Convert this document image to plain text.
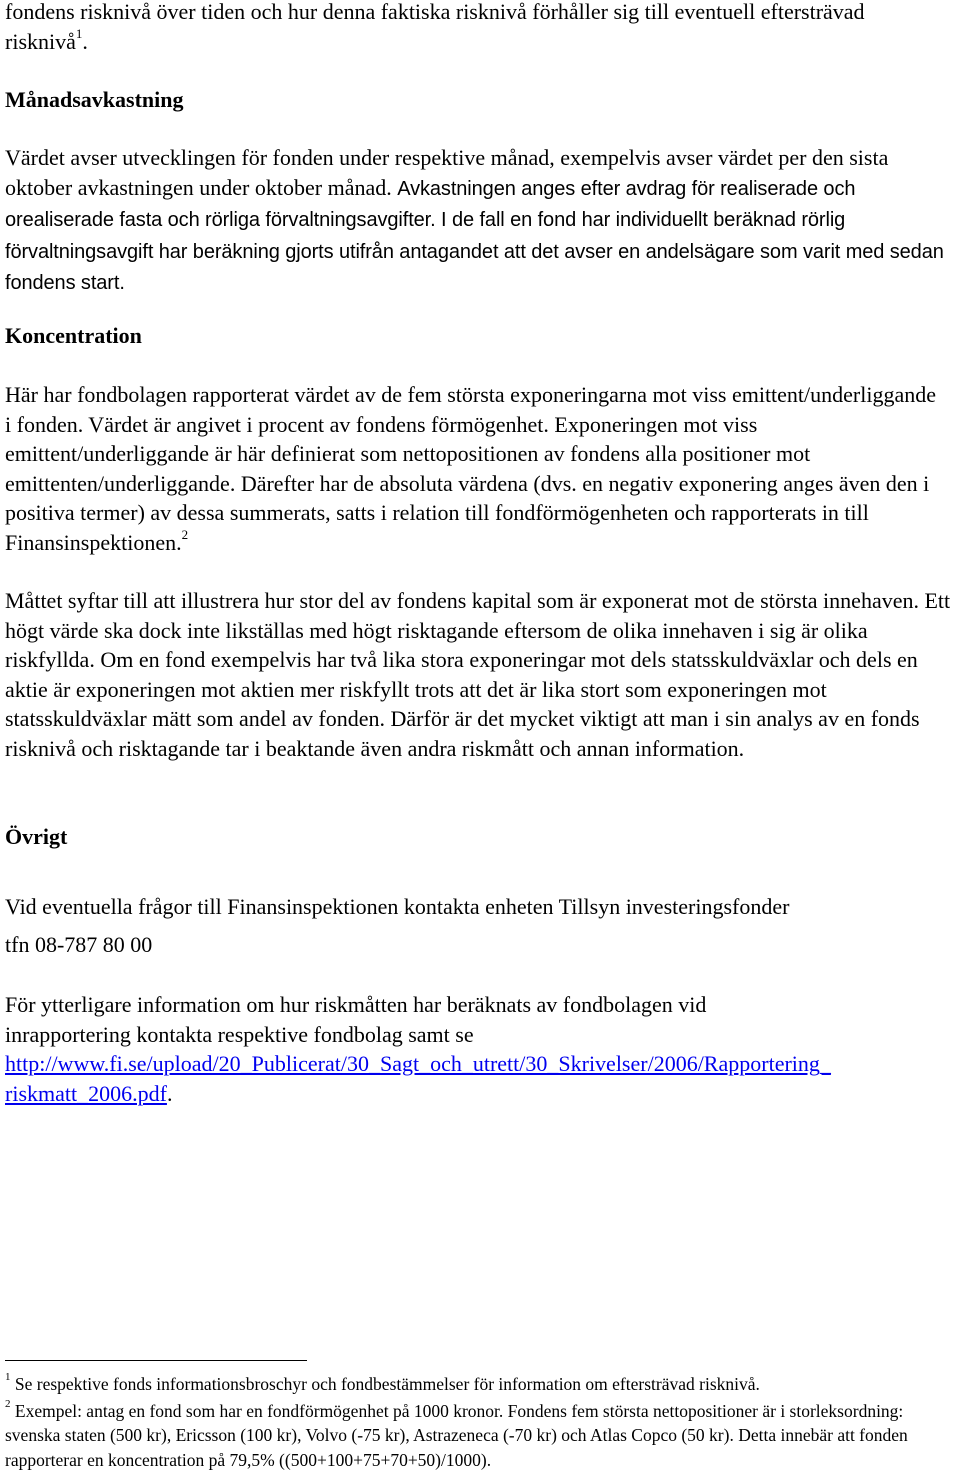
fondens risknivå över tiden och hur denna faktiska risknivå förhåller sig till eventuell eftersträvad risknivå$^1$.

Månadsavkastning

Värdet avser utvecklingen för fonden under respektive månad, exempelvis avser värdet per den sista oktober avkastningen under oktober månad. Avkastningen anges efter avdrag för realiserade och orealiserade fasta och rörliga förvaltningsavgifter. I de fall en fond har individuellt beräknad rörlig förvaltningsavgift har beräkning gjorts utifrån antagandet att det avser en andelsägare som varit med sedan fondens start.

Koncentration

Här har fondbolagen rapporterat värdet av de fem största exponeringarna mot viss emittent/underliggande i fonden. Värdet är angivet i procent av fondens förmögenhet. Exponeringen mot viss emittent/underliggande är här definierat som nettopositionen av fondens alla positioner mot emittenten/underliggande. Därefter har de absoluta värdena (dvs. en negativ exponering anges även den i positiva termer) av dessa summerats, satts i relation till fondförmögenheten och rapporterats in till Finansinspektionen.$^2$

Måttet syftar till att illustrera hur stor del av fondens kapital som är exponerat mot de största innehaven. Ett högt värde ska dock inte likställas med högt risktagande eftersom de olika innehaven i sig är olika riskfyllda. Om en fond exempelvis har två lika stora exponeringar mot dels statsskuldväxlar och dels en aktie är exponeringen mot aktien mer riskfyllt trots att det är lika stort som exponeringen mot statsskuldväxlar mätt som andel av fonden. Därför är det mycket viktigt att man i sin analys av en fonds risknivå och risktagande tar i beaktande även andra riskmått och annan information.

Övrigt

Vid eventuella frågor till Finansinspektionen kontakta enheten Tillsyn investeringsfonder

tfn 08-787 80 00

För ytterligare information om hur riskmåtten har beräknats av fondbolagen vid inrapportering kontakta respektive fondbolag samt se
http://www.fi.se/upload/20_Publicerat/30_Sagt_och_utrett/30_Skrivelser/2006/Rapportering_
riskmatt_2006.pdf.

$^1$ Se respektive fonds informationsbroschyr och fondbestämmelser för information om eftersträvad risknivå.

$^2$ Exempel: antag en fond som har en fondförmögenhet på 1000 kronor. Fondens fem största nettopositioner är i storleksordning: svenska staten (500 kr), Ericsson (100 kr), Volvo (-75 kr), Astrazeneca (-70 kr) och Atlas Copco (50 kr). Detta innebär att fonden rapporterar en koncentration på 79,5% ((500+100+75+70+50)/1000).
